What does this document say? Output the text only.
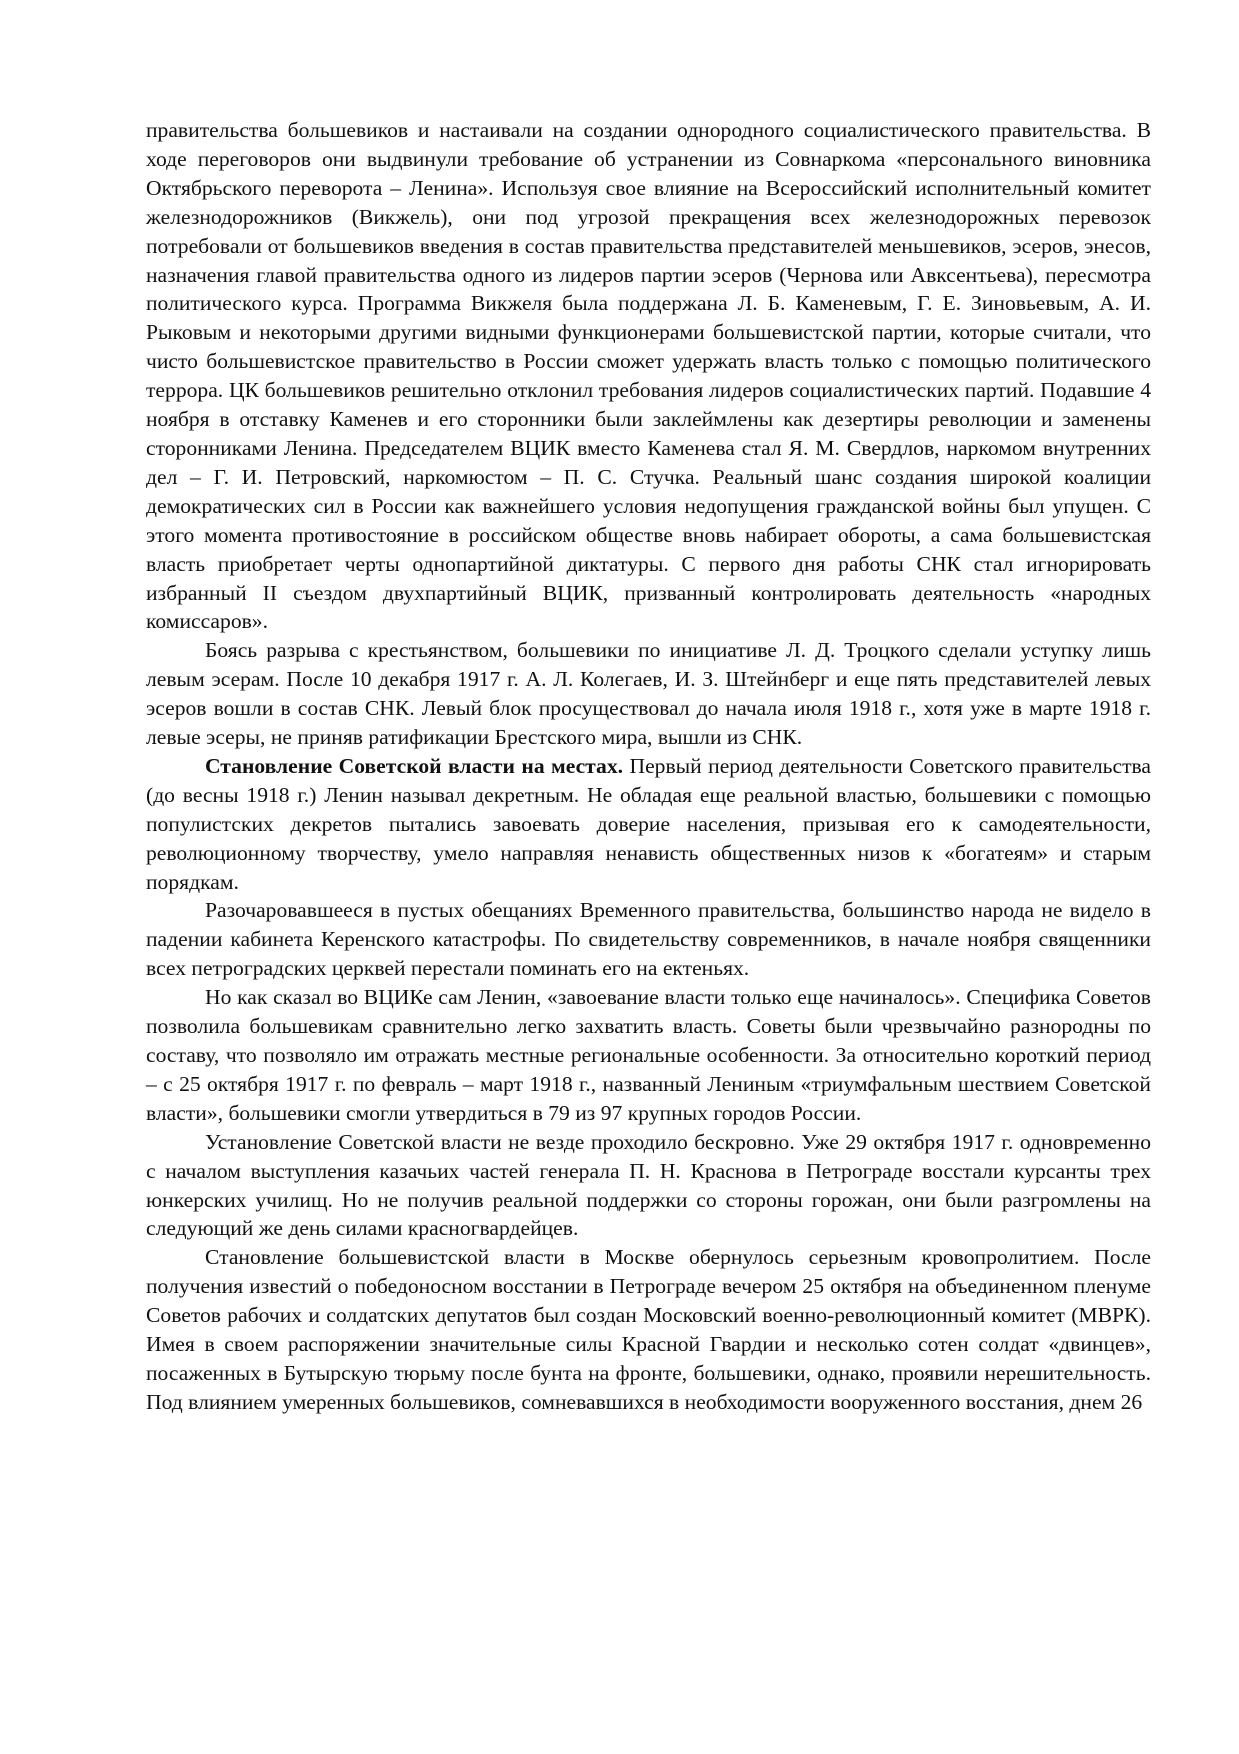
правительства большевиков и настаивали на создании однородного социалистического правительства. В ходе переговоров они выдвинули требование об устранении из Совнаркома «персонального виновника Октябрьского переворота – Ленина». Используя свое влияние на Всероссийский исполнительный комитет железнодорожников (Викжель), они под угрозой прекращения всех железнодорожных перевозок потребовали от большевиков введения в состав правительства представителей меньшевиков, эсеров, энесов, назначения главой правительства одного из лидеров партии эсеров (Чернова или Авксентьева), пересмотра политического курса. Программа Викжеля была поддержана Л. Б. Каменевым, Г. Е. Зиновьевым, А. И. Рыковым и некоторыми другими видными функционерами большевистской партии, которые считали, что чисто большевистское правительство в России сможет удержать власть только с помощью политического террора. ЦК большевиков решительно отклонил требования лидеров социалистических партий. Подавшие 4 ноября в отставку Каменев и его сторонники были заклеймлены как дезертиры революции и заменены сторонниками Ленина. Председателем ВЦИК вместо Каменева стал Я. М. Свердлов, наркомом внутренних дел – Г. И. Петровский, наркомюстом – П. С. Стучка. Реальный шанс создания широкой коалиции демократических сил в России как важнейшего условия недопущения гражданской войны был упущен. С этого момента противостояние в российском обществе вновь набирает обороты, а сама большевистская власть приобретает черты однопартийной диктатуры. С первого дня работы СНК стал игнорировать избранный II съездом двухпартийный ВЦИК, призванный контролировать деятельность «народных комиссаров».

Боясь разрыва с крестьянством, большевики по инициативе Л. Д. Троцкого сделали уступку лишь левым эсерам. После 10 декабря 1917 г. А. Л. Колегаев, И. З. Штейнберг и еще пять представителей левых эсеров вошли в состав СНК. Левый блок просуществовал до начала июля 1918 г., хотя уже в марте 1918 г. левые эсеры, не приняв ратификации Брестского мира, вышли из СНК.

Становление Советской власти на местах. Первый период деятельности Советского правительства (до весны 1918 г.) Ленин называл декретным. Не обладая еще реальной властью, большевики с помощью популистских декретов пытались завоевать доверие населения, призывая его к самодеятельности, революционному творчеству, умело направляя ненависть общественных низов к «богатеям» и старым порядкам.

Разочаровавшееся в пустых обещаниях Временного правительства, большинство народа не видело в падении кабинета Керенского катастрофы. По свидетельству современников, в начале ноября священники всех петроградских церквей перестали поминать его на ектеньях.

Но как сказал во ВЦИКе сам Ленин, «завоевание власти только еще начиналось». Специфика Советов позволила большевикам сравнительно легко захватить власть. Советы были чрезвычайно разнородны по составу, что позволяло им отражать местные региональные особенности. За относительно короткий период – с 25 октября 1917 г. по февраль – март 1918 г., названный Лениным «триумфальным шествием Советской власти», большевики смогли утвердиться в 79 из 97 крупных городов России.

Установление Советской власти не везде проходило бескровно. Уже 29 октября 1917 г. одновременно с началом выступления казачьих частей генерала П. Н. Краснова в Петрограде восстали курсанты трех юнкерских училищ. Но не получив реальной поддержки со стороны горожан, они были разгромлены на следующий же день силами красногвардейцев.

Становление большевистской власти в Москве обернулось серьезным кровопролитием. После получения известий о победоносном восстании в Петрограде вечером 25 октября на объединенном пленуме Советов рабочих и солдатских депутатов был создан Московский военно-революционный комитет (МВРК). Имея в своем распоряжении значительные силы Красной Гвардии и несколько сотен солдат «двинцев», посаженных в Бутырскую тюрьму после бунта на фронте, большевики, однако, проявили нерешительность. Под влиянием умеренных большевиков, сомневавшихся в необходимости вооруженного восстания, днем 26
